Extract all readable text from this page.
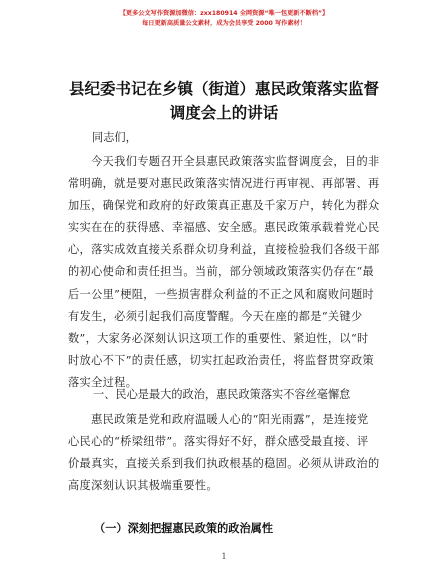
【更多公文写作资源加微信：zxx180914 全网资源“唯一包更新不断档”】
每日更新高质量公文素材，成为会员享受 2000 写作素材！
县纪委书记在乡镇（街道）惠民政策落实监督
调度会上的讲话
同志们，
　　今天我们专题召开全县惠民政策落实监督调度会，目的非
常明确，就是要对惠民政策落实情况进行再审视、再部署、再
加压，确保党和政府的好政策真正惠及千家万户，转化为群众
实实在在的获得感、幸福感、安全感。惠民政策承载着党心民
心，落实成效直接关系群众切身利益，直接检验我们各级干部
的初心使命和责任担当。当前，部分领域政策落实仍存在“最
后一公里”梗阻，一些损害群众利益的不正之风和腐败问题时
有发生，必须引起我们高度警醒。今天在座的都是“关键少
数”，大家务必深刻认识这项工作的重要性、紧迫性，以“时
时放心不下”的责任感，切实扛起政治责任，将监督贯穿政策
落实全过程。
一、民心是最大的政治，惠民政策落实不容丝毫懈怠
　　惠民政策是党和政府温暖人心的“阳光雨露”，是连接党
心民心的“桥梁纽带”。落实得好不好，群众感受最直接、评
价最真实，直接关系到我们执政根基的稳固。必须从讲政治的
高度深刻认识其极端重要性。
（一）深刻把握惠民政策的政治属性
1
